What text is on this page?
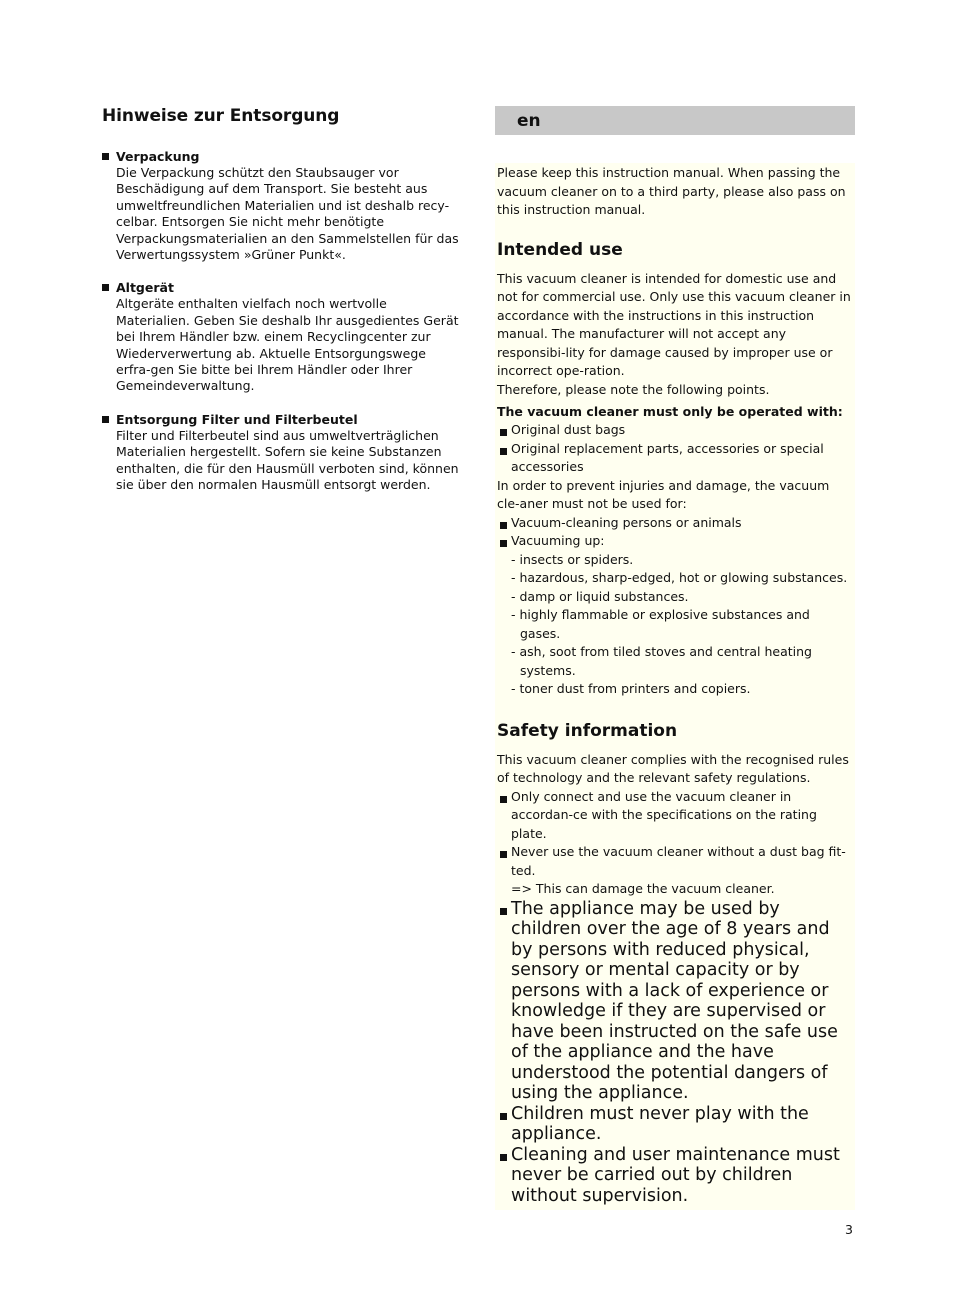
Hinweise zur Entsorgung
Verpackung
Die Verpackung schützt den Staubsauger vor Beschädigung auf dem Transport. Sie besteht aus umweltfreundlichen Materialien und ist deshalb recy-celbar. Entsorgen Sie nicht mehr benötigte Verpackungsmaterialien an den Sammelstellen für das Verwertungssystem »Grüner Punkt«.
Altgerät
Altgeräte enthalten vielfach noch wertvolle Materialien. Geben Sie deshalb Ihr ausgedientes Gerät bei Ihrem Händler bzw. einem Recyclingcenter zur Wiederverwertung ab. Aktuelle Entsorgungswege erfra-gen Sie bitte bei Ihrem Händler oder Ihrer Gemeindeverwaltung.
Entsorgung Filter und Filterbeutel
Filter und Filterbeutel sind aus umweltverträglichen Materialien hergestellt. Sofern sie keine Substanzen enthalten, die für den Hausmüll verboten sind, können sie über den normalen Hausmüll entsorgt werden.
en

Please keep this instruction manual. When passing the vacuum cleaner on to a third party, please also pass on this instruction manual.

Intended use

This vacuum cleaner is intended for domestic use and not for commercial use. Only use this vacuum cleaner in accordance with the instructions in this instruction manual. The manufacturer will not accept any responsibi-lity for damage caused by improper use or incorrect ope-ration.

Therefore, please note the following points.

The vacuum cleaner must only be operated with:

Original dust bags
Original replacement parts, accessories or special accessories

In order to prevent injuries and damage, the vacuum cle-aner must not be used for:

Vacuum-cleaning persons or animals
Vacuuming up:
- insects or spiders.
- hazardous, sharp-edged, hot or glowing substances.
- damp or liquid substances.
- highly flammable or explosive substances and gases.
- ash, soot from tiled stoves and central heating systems.
- toner dust from printers and copiers.
Safety information

This vacuum cleaner complies with the recognised rules of technology and the relevant safety regulations.

Only connect and use the vacuum cleaner in accordan-ce with the specifications on the rating plate.
Never use the vacuum cleaner without a dust bag fit-ted.
=> This can damage the vacuum cleaner.
The appliance may be used by children over the age of 8 years and by persons with reduced physical, sensory or mental capacity or by persons with a lack of experience or knowledge if they are supervised or have been instructed on the safe use of the appliance and the have understood the potential dangers of using the appliance.
Children must never play with the appliance.
Cleaning and user maintenance must never be carried out by children without supervision.
3
